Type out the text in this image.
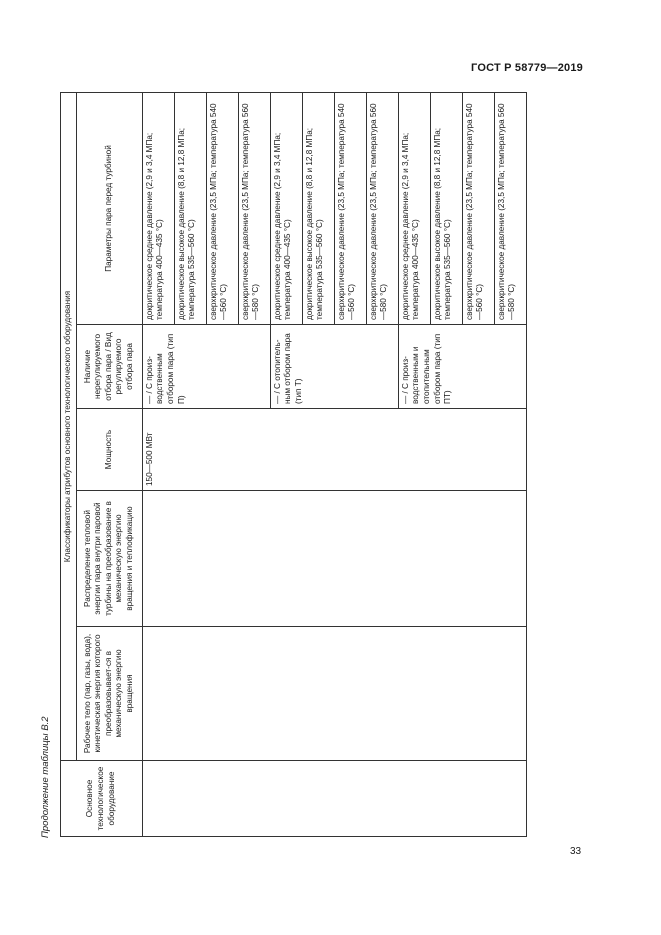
ГОСТ Р 58779—2019
Продолжение таблицы В.2	Основное технологическое оборудование	Классификаторы атрибутов основного технологического оборудования				
	Рабочее тело (пар, газы, вода), кинетическая энергия которого преобразовывает-ся в механическую энергию вращения	Распределение тепловой энергии пара внутри паровой турбины на преобразование в механическую энергию вращения и теплофикацию	Мощность	Наличие нерегулируемого отбора пара / Вид регулируемого отбора пара	Параметры пара перед турбиной
			150—500 МВт	— / С произ-водственным отбором пара (тип П)	докритическое среднее давление (2,9 и 3,4 МПа; температура 400—435 °С)
					докритическое высокое давление (8,8 и 12,8 МПа; температура 535—560 °С)
					сверхкритическое давление (23,5 МПа; температура 540—560 °С)
					сверхкритическое давление (23,5 МПа; температура 560—580 °С)
				— / С отопитель-ным отбором пара (тип Т)	докритическое среднее давление (2,9 и 3,4 МПа; температура 400—435 °С)
					докритическое высокое давление (8,8 и 12,8 МПа; температура 535—560 °С)
					сверхкритическое давление (23,5 МПа; температура 540—560 °С)
					сверхкритическое давление (23,5 МПа; температура 560—580 °С)
				— / С произ-водственным и отопительным отбором пара (тип ПТ)	докритическое среднее давление (2,9 и 3,4 МПа; температура 400—435 °С)
					докритическое высокое давление (8,8 и 12,8 МПа; температура 535—560 °С)
					сверхкритическое давление (23,5 МПа; температура 540—560 °С)
					сверхкритическое давление (23,5 МПа; температура 560—580 °С)
33
